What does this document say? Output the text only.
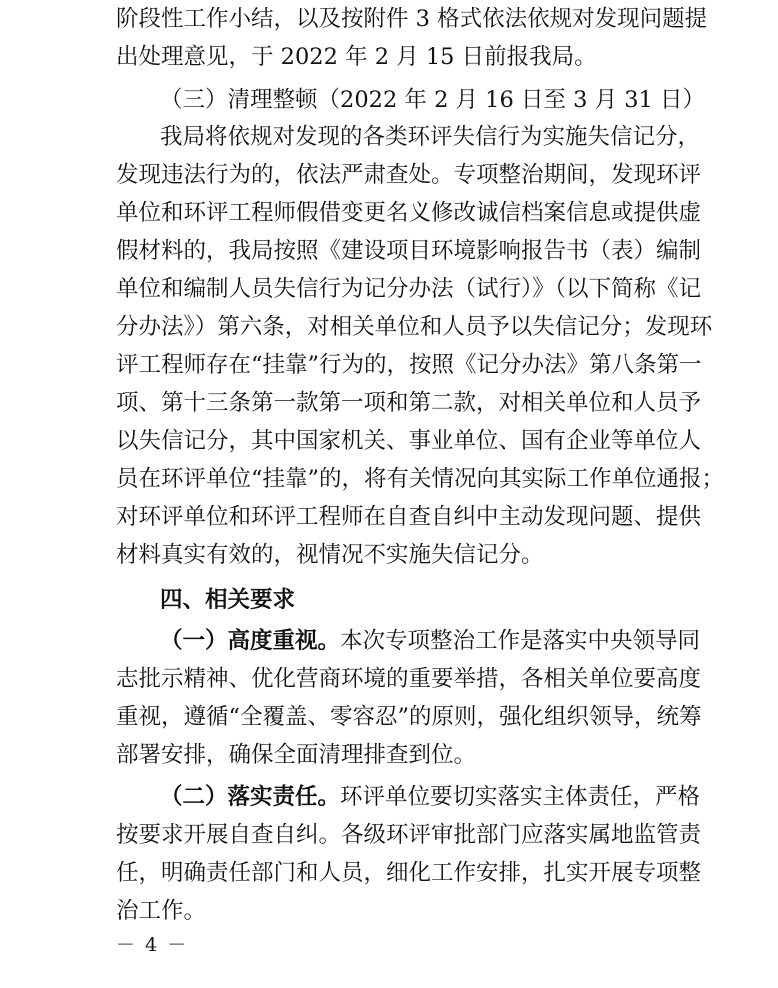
阶段性工作小结，以及按附件 3 格式依法依规对发现问题提
出处理意见，于 2022 年 2 月 15 日前报我局。
（三）清理整顿（2022 年 2 月 16 日至 3 月 31 日）
我局将依规对发现的各类环评失信行为实施失信记分，
发现违法行为的，依法严肃查处。专项整治期间，发现环评
单位和环评工程师假借变更名义修改诚信档案信息或提供虚
假材料的，我局按照《建设项目环境影响报告书（表）编制
单位和编制人员失信行为记分办法（试行）》（以下简称《记
分办法》）第六条，对相关单位和人员予以失信记分；发现环
评工程师存在“挂靠”行为的，按照《记分办法》第八条第一
项、第十三条第一款第一项和第二款，对相关单位和人员予
以失信记分，其中国家机关、事业单位、国有企业等单位人
员在环评单位“挂靠”的，将有关情况向其实际工作单位通报；
对环评单位和环评工程师在自查自纠中主动发现问题、提供
材料真实有效的，视情况不实施失信记分。
四、相关要求
（一）高度重视。本次专项整治工作是落实中央领导同
志批示精神、优化营商环境的重要举措，各相关单位要高度
重视，遵循“全覆盖、零容忍”的原则，强化组织领导，统筹
部署安排，确保全面清理排查到位。
（二）落实责任。环评单位要切实落实主体责任，严格
按要求开展自查自纠。各级环评审批部门应落实属地监管责
任，明确责任部门和人员，细化工作安排，扎实开展专项整
治工作。
－ 4 －
